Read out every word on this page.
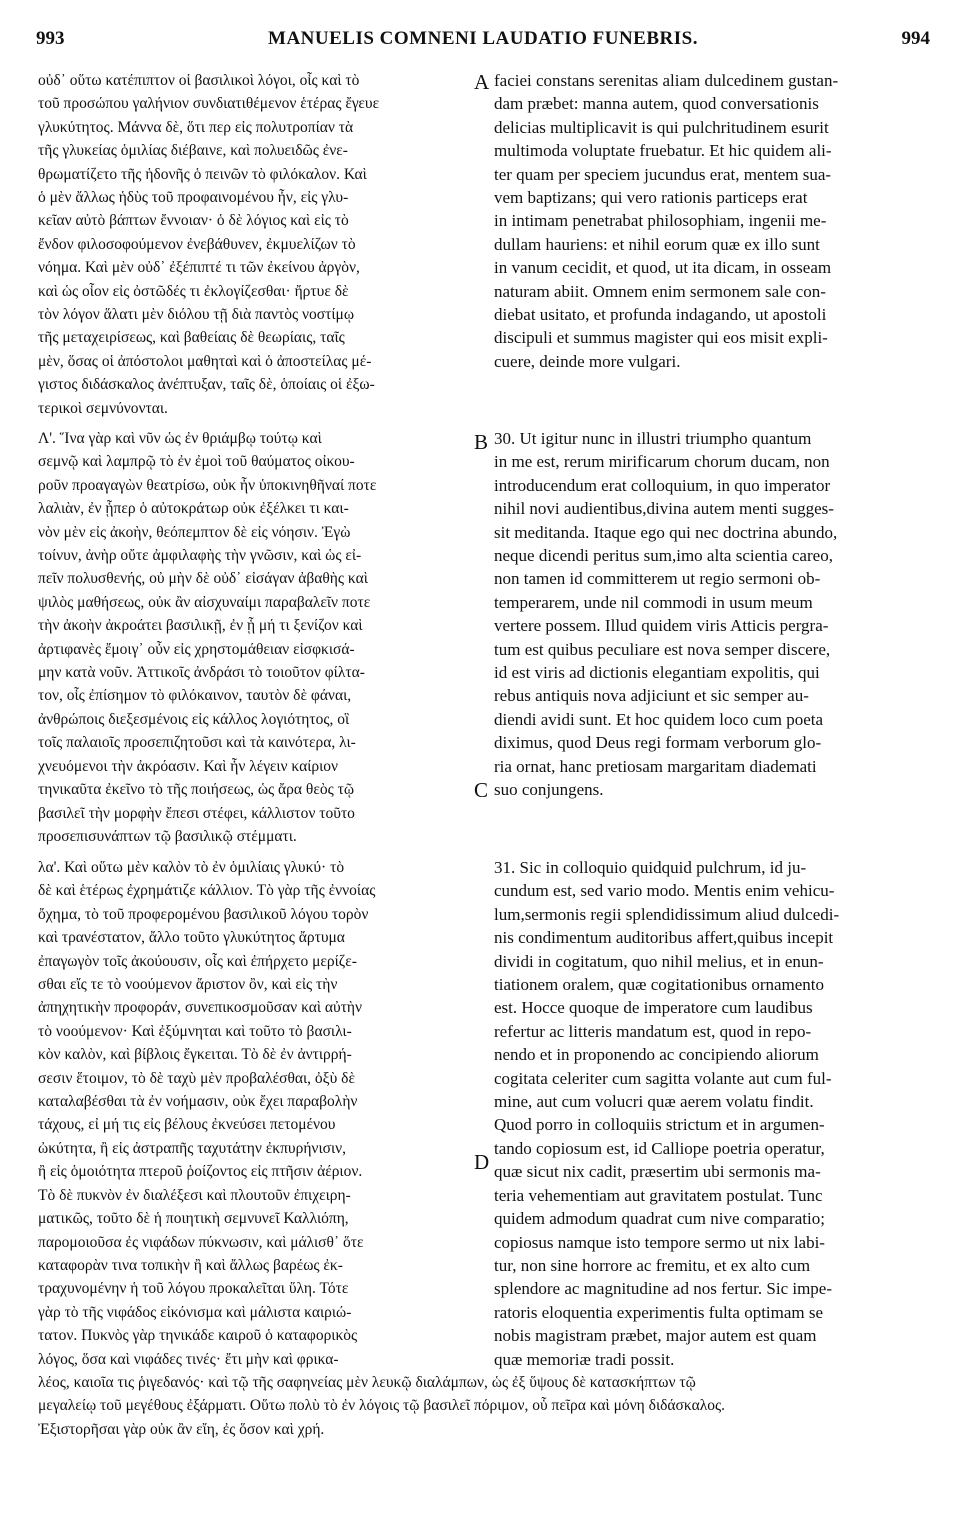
993	MANUELIS COMNENI LAUDATIO FUNEBRIS.	994
οὐδ᾽ οὕτω κατέπιπτον οἱ βασιλικοὶ λόγοι, οἷς καὶ τὸ
τοῦ προσώπου γαλήνιον συνδιατιθέμενον ἑτέρας ἔγευε
γλυκύτητος. Μάννα δὲ, ὅτι περ εἰς πολυτροπίαν τὰ
τῆς γλυκείας ὁμιλίας διέβαινε, καὶ πολυειδῶς ἐνε-
θρωματίζετο τῆς ἡδονῆς ὁ πεινῶν τὸ φιλόκαλον. Καὶ
ὁ μὲν ἄλλως ἡδὺς τοῦ προφαινομένου ἦν, εἰς γλυ-
κεῖαν αὐτὸ βάπτων ἔννοιαν· ὁ δὲ λόγιος καὶ εἰς τὸ
ἔνδον φιλοσοφούμενον ἐνεβάθυνεν, ἐκμυελίζων τὸ
νόημα. Καὶ μὲν οὐδ᾽ ἐξέπιπτέ τι τῶν ἐκείνου ἀργὸν,
καὶ ὡς οἷον εἰς ὀστῶδές τι ἐκλογίζεσθαι· ἤρτυε δὲ
τὸν λόγον ἅλατι μὲν διόλου τῇ διὰ παντὸς νοστίμῳ
τῆς μεταχειρίσεως, καὶ βαθείαις δὲ θεωρίαις, ταῖς
μὲν, ὅσας οἱ ἀπόστολοι μαθηταὶ καὶ ὁ ἀποστείλας μέ-
γιστος διδάσκαλος ἀνέπτυξαν, ταῖς δὲ, ὁποίαις οἱ ἐξω-
τερικοὶ σεμνύνονται.
faciei constans serenitas aliam dulcedinem gustan-
dam præbet: manna autem, quod conversationis
delicias multiplicavit is qui pulchritudinem esurit
multimoda voluptate fruebatur. Et hic quidem ali-
ter quam per speciem jucundus erat, mentem sua-
vem baptizans; qui vero rationis particeps erat
in intimam penetrabat philosophiam, ingenii me-
dullam hauriens: et nihil eorum quæ ex illo sunt
in vanum cecidit, et quod, ut ita dicam, in osseam
naturam abiit. Omnem enim sermonem sale con-
diebat usitato, et profunda indagando, ut apostoli
discipuli et summus magister qui eos misit expli-
cuere, deinde more vulgari.
Λ'. Ἵνα γὰρ καὶ νῦν ὡς ἐν θριάμβῳ τούτῳ καὶ
σεμνῷ καὶ λαμπρῷ τὸ ἐν ἐμοὶ τοῦ θαύματος οἰκου-
ροῦν προαγαγὼν θεατρίσω, οὐκ ἦν ὑποκινηθῆναί ποτε
λαλιὰν, ἐν ᾗπερ ὁ αὐτοκράτωρ οὐκ ἐξέλκει τι και-
νὸν μὲν εἰς ἀκοὴν, θεόπεμπτον δὲ εἰς νόησιν. Ἐγὼ
τοίνυν, ἀνὴρ οὔτε ἀμφιλαφὴς τὴν γνῶσιν, καὶ ὡς εἰ-
πεῖν πολυσθενής, οὐ μὴν δὲ οὐδ᾽ εἰσάγαν ἀβαθὴς καὶ
ψιλὸς μαθήσεως, οὐκ ἂν αἰσχυναίμι παραβαλεῖν ποτε
τὴν ἀκοὴν ἀκροάτει βασιλικῇ, ἐν ᾗ μή τι ξενίζον καὶ
ἀρτιφανὲς ἔμοιγ᾽ οὖν εἰς χρηστομάθειαν εἰσφκισά-
μην κατὰ νοῦν. Ἀττικοῖς ἀνδράσι τὸ τοιοῦτον φίλτα-
τον, οἷς ἐπίσημον τὸ φιλόκαινον, ταυτὸν δὲ φάναι,
ἀνθρώποις διεξεσμένοις εἰς κάλλος λογιότητος, οἳ
τοῖς παλαιοῖς προσεπιζητοῦσι καὶ τὰ καινότερα, λι-
χνευόμενοι τὴν ἀκρόασιν. Καὶ ἦν λέγειν καίριον
τηνικαῦτα ἐκεῖνο τὸ τῆς ποιήσεως, ὡς ἄρα θεὸς τῷ
βασιλεῖ τὴν μορφὴν ἔπεσι στέφει, κάλλιστον τοῦτο
προσεπισυνάπτων τῷ βασιλικῷ στέμματι.
30. Ut igitur nunc in illustri triumpho quantum
in me est, rerum mirificarum chorum ducam, non
introducendum erat colloquium, in quo imperator
nihil novi audientibus,divina autem menti sugges-
sit meditanda. Itaque ego qui nec doctrina abundo,
neque dicendi peritus sum,imo alta scientia careo,
non tamen id committerem ut regio sermoni ob-
temperarem, unde nil commodi in usum meum
vertere possem. Illud quidem viris Atticis pergra-
tum est quibus peculiare est nova semper discere,
id est viris ad dictionis elegantiam expolitis, qui
rebus antiquis nova adjiciunt et sic semper au-
diendi avidi sunt. Et hoc quidem loco cum poeta
diximus, quod Deus regi formam verborum glo-
ria ornat, hanc pretiosam margaritam diademati
suo conjungens.
λα'. Καὶ οὕτω μὲν καλὸν τὸ ἐν ὁμιλίαις γλυκύ· τὸ
δὲ καὶ ἑτέρως ἐχρημάτιζε κάλλιον. Τὸ γὰρ τῆς ἐννοίας
ὄχημα, τὸ τοῦ προφερομένου βασιλικοῦ λόγου τορὸν
καὶ τρανέστατον, ἄλλο τοῦτο γλυκύτητος ἄρτυμα
ἐπαγωγὸν τοῖς ἀκούουσιν, οἷς καὶ ἐπήρχετο μερίζε-
σθαι εἴς τε τὸ νοούμενον ἄριστον ὂν, καὶ εἰς τὴν
ἀπηχητικὴν προφοράν, συνεπικοσμοῦσαν καὶ αὐτὴν
τὸ νοούμενον· Καὶ ἐξύμνηται καὶ τοῦτο τὸ βασιλι-
κὸν καλὸν, καὶ βίβλοις ἔγκειται. Τὸ δὲ ἐν ἀντιρρή-
σεσιν ἕτοιμον, τὸ δὲ ταχὺ μὲν προβαλέσθαι, ὀξὺ δὲ
καταλαβέσθαι τὰ ἐν νοήμασιν, οὐκ ἔχει παραβολὴν
τάχους, εἰ μή τις εἰς βέλους ἐκνεύσει πετομένου
ὠκύτητα, ἢ εἰς ἀστραπῆς ταχυτάτην ἐκπυρήνισιν,
ἢ εἰς ὁμοιότητα πτεροῦ ῥοίζοντος εἰς πτῆσιν ἀέριον.
Τὸ δὲ πυκνὸν ἐν διαλέξεσι καὶ πλουτοῦν ἐπιχειρη-
ματικῶς, τοῦτο δὲ ἡ ποιητικὴ σεμνυνεῖ Καλλιόπη,
παρομοιοῦσα ἐς νιφάδων πύκνωσιν, καὶ μάλισθ᾽ ὅτε
καταφορὰν τινα τοπικὴν ἢ καὶ ἄλλως βαρέως ἐκ-
τραχυνομένην ἡ τοῦ λόγου προκαλεῖται ὕλη. Τότε
γὰρ τὸ τῆς νιφάδος εἰκόνισμα καὶ μάλιστα καιριώ-
τατον. Πυκνὸς γὰρ τηνικάδε καιροῦ ὁ καταφορικὸς
λόγος, ὅσα καὶ νιφάδες τινές· ἔτι μὴν καὶ φρικα-
31. Sic in colloquio quidquid pulchrum, id ju-
cundum est, sed vario modo. Mentis enim vehicu-
lum,sermonis regii splendidissimum aliud dulcedi-
nis condimentum auditoribus affert,quibus incepit
dividi in cogitatum, quo nihil melius, et in enun-
tiationem oralem, quæ cogitationibus ornamento
est. Hocce quoque de imperatore cum laudibus
refertur ac litteris mandatum est, quod in repo-
nendo et in proponendo ac concipiendo aliorum
cogitata celeriter cum sagitta volante aut cum ful-
mine, aut cum volucri quæ aerem volatu findit.
Quod porro in colloquiis strictum et in argumen-
tando copiosum est, id Calliope poetria operatur,
quæ sicut nix cadit, præsertim ubi sermonis ma-
teria vehementiam aut gravitatem postulat. Tunc
quidem admodum quadrat cum nive comparatio;
copiosus namque isto tempore sermo ut nix labi-
tur, non sine horrore ac fremitu, et ex alto cum
splendore ac magnitudine ad nos fertur. Sic impe-
ratoris eloquentia experimentis fulta optimam se
nobis magistram præbet, major autem est quam
quæ memoriæ tradi possit.
λέος, καιοῖα τις ῥιγεδανός· καὶ τῷ τῆς σαφηνείας μὲν λευκῷ διαλάμπων, ὡς ἐξ ὕψους δὲ κατασκήπτων τῷ
μεγαλείῳ τοῦ μεγέθους ἐξάρματι. Οὕτω πολὺ τὸ ἐν λόγοις τῷ βασιλεῖ πόριμον, οὗ πεῖρα καὶ μόνη διδάσκαλος.
Ἐξιστορῆσαι γὰρ οὐκ ἂν εἴη, ἐς ὅσον καὶ χρή.
A
B
C
D
